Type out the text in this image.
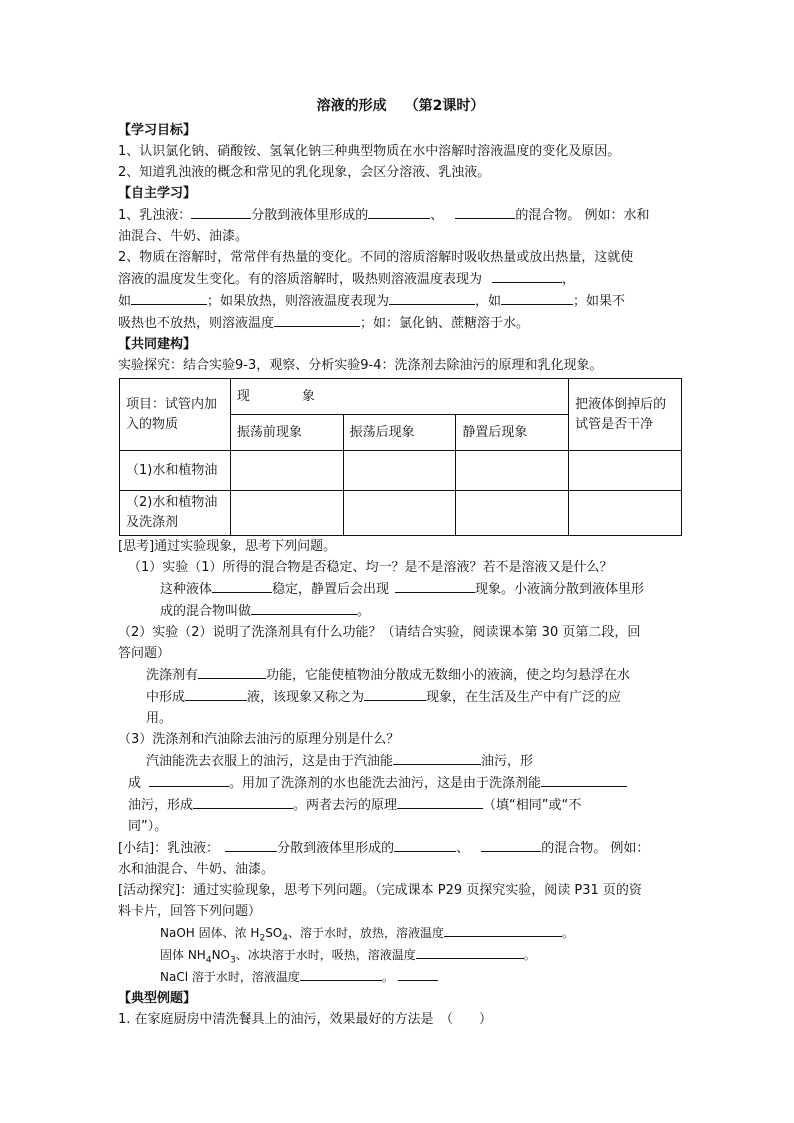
溶液的形成 （第2课时）
【学习目标】
1、认识氯化钠、硝酸铵、氢氧化钠三种典型物质在水中溶解时溶液温度的变化及原因。
2、知道乳浊液的概念和常见的乳化现象，会区分溶液、乳浊液。
【自主学习】
1、乳浊液：	分散到液体里形成的	、	的混合物。 例如：水和
油混合、牛奶、油漆。
2、物质在溶解时，常常伴有热量的变化。不同的溶质溶解时吸收热量或放出热量，这就使
溶液的温度发生变化。有的溶质溶解时，吸热则溶液温度表现为	，
如	；如果放热，则溶液温度表现为	，如	；如果不
吸热也不放热，则溶液温度	；如：氯化钠、蔗糖溶于水。
【共同建构】
实验探究：结合实验9-3，观察、分析实验9-4：洗涤剂去除油污的原理和乳化现象。
项目：试管内加入的物质	现　　　　象			把液体倒掉后的试管是否干净
	振荡前现象	振荡后现象	静置后现象	
（1)水和植物油				
（2)水和植物油及洗涤剂				
[思考]通过实验现象，思考下列问题。
（1）实验（1）所得的混合物是否稳定、均一？是不是溶液？若不是溶液又是什么？
这种液体	稳定，静置后会出现	现象。小液滴分散到液体里形
成的混合物叫做	。
（2）实验（2）说明了洗涤剂具有什么功能？（请结合实验，阅读课本第 30 页第二段，回
答问题）
洗涤剂有	功能，它能使植物油分散成无数细小的液滴，使之均匀悬浮在水
中形成	液，该现象又称之为	现象，在生活及生产中有广泛的应
用。
（3）洗涤剂和汽油除去油污的原理分别是什么？
汽油能洗去衣服上的油污，这是由于汽油能	油污，形
成	。用加了洗涤剂的水也能洗去油污，这是由于洗涤剂能
油污，形成	。两者去污的原理	（填“相同”或“不
同”）。
[小结]：乳浊液：	分散到液体里形成的	、	的混合物。 例如：
水和油混合、牛奶、油漆。
[活动探究]：通过实验现象，思考下列问题。（完成课本 P29 页探究实验，阅读 P31 页的资
料卡片，回答下列问题）
NaOH 固体、浓 $H_2SO_4$、溶于水时，放热，溶液温度	。
固体 $NH_4NO_3$、冰块溶于水时，吸热，溶液温度	。
NaCl 溶于水时，溶液温度	。
【典型例题】
1. 在家庭厨房中清洗餐具上的油污，效果最好的方法是　（　　）
